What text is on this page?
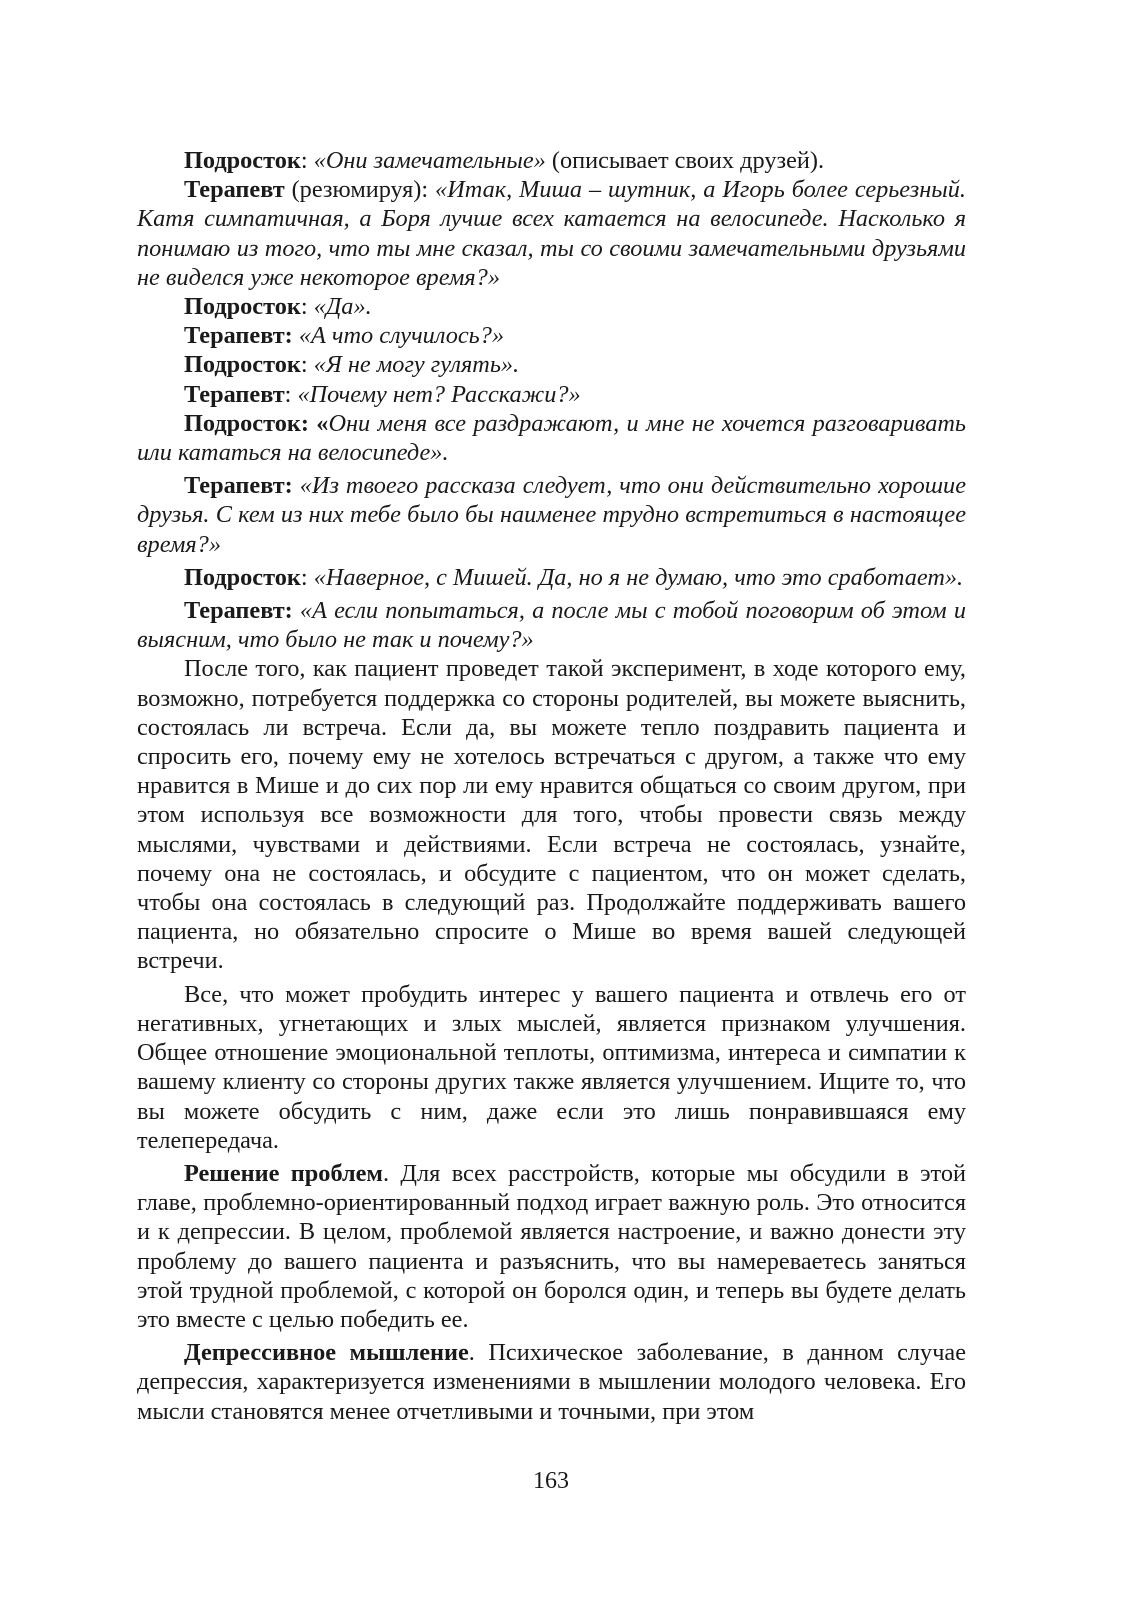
Подросток: «Они замечательные» (описывает своих друзей).

Терапевт (резюмируя): «Итак, Миша – шутник, а Игорь более серьезный. Катя симпатичная, а Боря лучше всех катается на велосипеде. Насколько я понимаю из того, что ты мне сказал, ты со своими замечательными друзьями не виделся уже некоторое время?»

Подросток: «Да».

Терапевт: «А что случилось?»

Подросток: «Я не могу гулять».

Терапевт: «Почему нет? Расскажи?»

Подросток: «Они меня все раздражают, и мне не хочется разговаривать или кататься на велосипеде».

Терапевт: «Из твоего рассказа следует, что они действительно хорошие друзья. С кем из них тебе было бы наименее трудно встретиться в настоящее время?»

Подросток: «Наверное, с Мишей. Да, но я не думаю, что это сработает».

Терапевт: «А если попытаться, а после мы с тобой поговорим об этом и выясним, что было не так и почему?»

После того, как пациент проведет такой эксперимент, в ходе которого ему, возможно, потребуется поддержка со стороны родителей, вы можете выяснить, состоялась ли встреча. Если да, вы можете тепло поздравить пациента и спросить его, почему ему не хотелось встречаться с другом, а также что ему нравится в Мише и до сих пор ли ему нравится общаться со своим другом, при этом используя все возможности для того, чтобы провести связь между мыслями, чувствами и действиями. Если встреча не состоялась, узнайте, почему она не состоялась, и обсудите с пациентом, что он может сделать, чтобы она состоялась в следующий раз. Продолжайте поддерживать вашего пациента, но обязательно спросите о Мише во время вашей следующей встречи.

Все, что может пробудить интерес у вашего пациента и отвлечь его от негативных, угнетающих и злых мыслей, является признаком улучшения. Общее отношение эмоциональной теплоты, оптимизма, интереса и симпатии к вашему клиенту со стороны других также является улучшением. Ищите то, что вы можете обсудить с ним, даже если это лишь понравившаяся ему телепередача.

Решение проблем. Для всех расстройств, которые мы обсудили в этой главе, проблемно-ориентированный подход играет важную роль. Это относится и к депрессии. В целом, проблемой является настроение, и важно донести эту проблему до вашего пациента и разъяснить, что вы намереваетесь заняться этой трудной проблемой, с которой он боролся один, и теперь вы будете делать это вместе с целью победить ее.

Депрессивное мышление. Психическое заболевание, в данном случае депрессия, характеризуется изменениями в мышлении молодого человека. Его мысли становятся менее отчетливыми и точными, при этом

163
